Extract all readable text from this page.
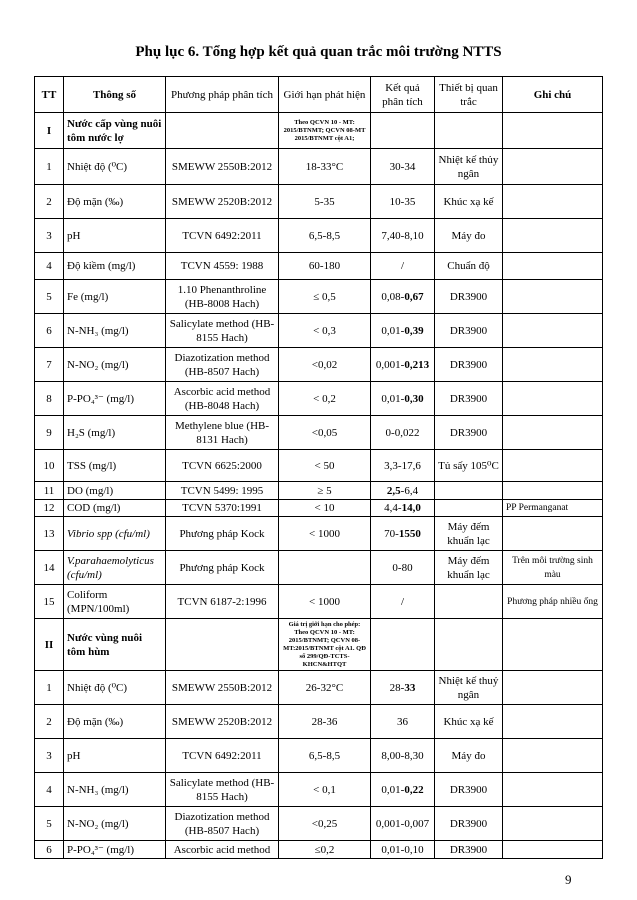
Phụ lục 6. Tổng hợp kết quả quan trắc môi trường NTTS
TT	Thông số	Phương pháp phân tích	Giới hạn phát hiện	Kết quả phân tích	Thiết bị quan trắc	Ghi chú
I	Nước cấp vùng nuôi tôm nước lợ		Theo QCVN 10 - MT: 2015/BTNMT; QCVN 08-MT 2015/BTNMT cột A1;			
1	Nhiệt độ (⁰C)	SMEWW 2550B:2012	18-33°C	30-34	Nhiệt kế thủy ngân	
2	Độ mặn (‰)	SMEWW 2520B:2012	5-35	10-35	Khúc xạ kế	
3	pH	TCVN 6492:2011	6,5-8,5	7,40-8,10	Máy đo	
4	Độ kiềm (mg/l)	TCVN 4559: 1988	60-180	/	Chuẩn độ	
5	Fe (mg/l)	1.10 Phenanthroline (HB-8008 Hach)	≤ 0,5	0,08-0,67	DR3900	
6	N-NH₃ (mg/l)	Salicylate method (HB-8155 Hach)	< 0,3	0,01-0,39	DR3900	
7	N-NO₂ (mg/l)	Diazotization method (HB-8507 Hach)	<0,02	0,001-0,213	DR3900	
8	P-PO₄³⁻ (mg/l)	Ascorbic acid method (HB-8048 Hach)	< 0,2	0,01-0,30	DR3900	
9	H₂S (mg/l)	Methylene blue (HB-8131 Hach)	<0,05	0-0,022	DR3900	
10	TSS (mg/l)	TCVN 6625:2000	< 50	3,3-17,6	Tủ sấy 105⁰C	
11	DO (mg/l)	TCVN 5499: 1995	≥ 5	2,5-6,4		
12	COD (mg/l)	TCVN 5370:1991	< 10	4,4-14,0		PP Permanganat
13	Vibrio spp (cfu/ml)	Phương pháp Kock	< 1000	70-1550	Máy đếm khuẩn lạc	
14	V.parahaemolyticus (cfu/ml)	Phương pháp Kock		0-80	Máy đếm khuẩn lạc	Trên môi trường sinh màu
15	Coliform (MPN/100ml)	TCVN 6187-2:1996	< 1000	/		Phương pháp nhiều ống
II	Nước vùng nuôi tôm hùm		Giá trị giới hạn cho phép: Theo QCVN 10 - MT: 2015/BTNMT; QCVN 08-MT:2015/BTNMT cột A1. QĐ số 299/QĐ-TCTS-KHCN&HTQT			
1	Nhiệt độ (⁰C)	SMEWW 2550B:2012	26-32°C	28-33	Nhiệt kế thuỷ ngân	
2	Độ mặn (‰)	SMEWW 2520B:2012	28-36	36	Khúc xạ kế	
3	pH	TCVN 6492:2011	6,5-8,5	8,00-8,30	Máy đo	
4	N-NH₃ (mg/l)	Salicylate method (HB-8155 Hach)	< 0,1	0,01-0,22	DR3900	
5	N-NO₂ (mg/l)	Diazotization method (HB-8507 Hach)	<0,25	0,001-0,007	DR3900	
6	P-PO₄³⁻ (mg/l)	Ascorbic acid method	≤0,2	0,01-0,10	DR3900	
9
